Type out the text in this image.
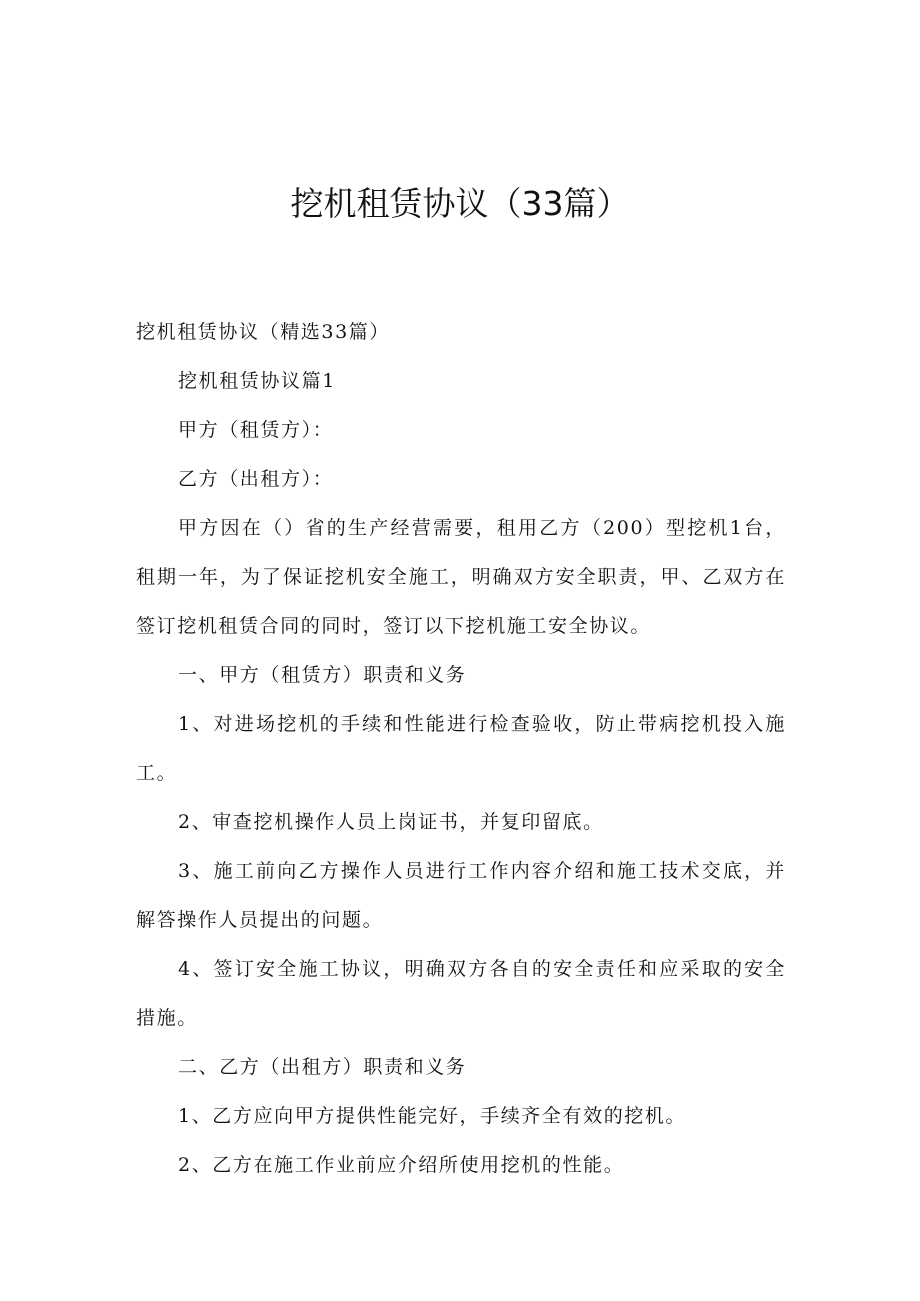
挖机租赁协议（33篇）

挖机租赁协议（精选33篇）

挖机租赁协议篇1

甲方（租赁方）：

乙方（出租方）：

甲方因在（）省的生产经营需要，租用乙方（200）型挖机1台，租期一年，为了保证挖机安全施工，明确双方安全职责，甲、乙双方在签订挖机租赁合同的同时，签订以下挖机施工安全协议。

一、甲方（租赁方）职责和义务

1、对进场挖机的手续和性能进行检查验收，防止带病挖机投入施工。

2、审查挖机操作人员上岗证书，并复印留底。

3、施工前向乙方操作人员进行工作内容介绍和施工技术交底，并解答操作人员提出的问题。

4、签订安全施工协议，明确双方各自的安全责任和应采取的安全措施。

二、乙方（出租方）职责和义务

1、乙方应向甲方提供性能完好，手续齐全有效的挖机。

2、乙方在施工作业前应介绍所使用挖机的性能。
